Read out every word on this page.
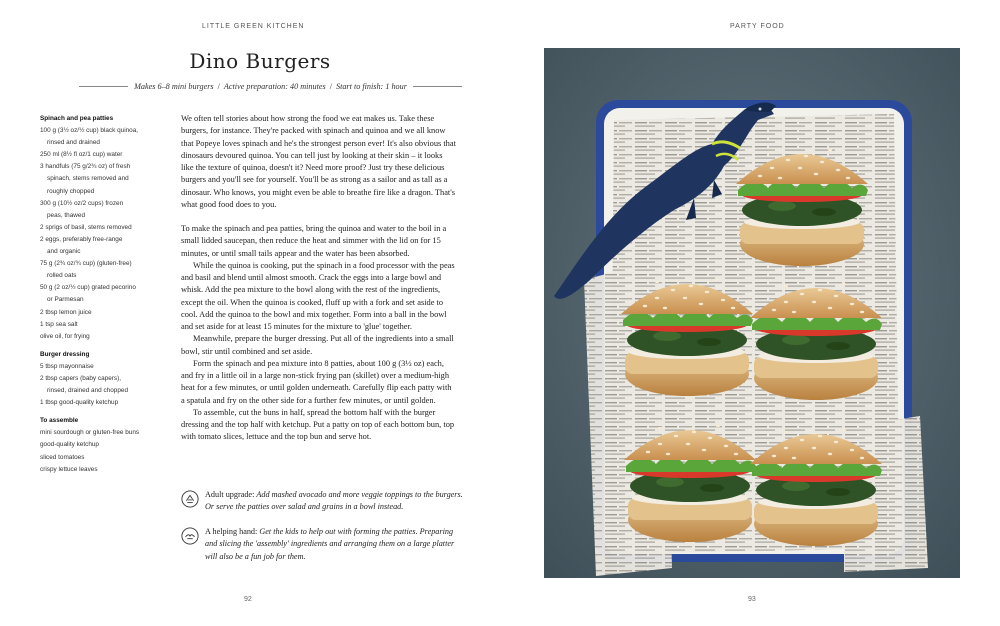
LITTLE GREEN KITCHEN	PARTY FOOD
Dino Burgers
Makes 6–8 mini burgers / Active preparation: 40 minutes / Start to finish: 1 hour
Spinach and pea patties
100 g (3½ oz/½ cup) black quinoa,
rinsed and drained
250 ml (8½ fl oz/1 cup) water
3 handfuls (75 g/2¾ oz) of fresh
spinach, stems removed and
roughly chopped
300 g (10½ oz/2 cups) frozen
peas, thawed
2 sprigs of basil, stems removed
2 eggs, preferably free-range
and organic
75 g (2¾ oz/¾ cup) (gluten-free)
rolled oats
50 g (2 oz/½ cup) grated pecorino
or Parmesan
2 tbsp lemon juice
1 tsp sea salt
olive oil, for frying
Burger dressing
5 tbsp mayonnaise
2 tbsp capers (baby capers),
rinsed, drained and chopped
1 tbsp good-quality ketchup
To assemble
mini sourdough or gluten-free buns
good-quality ketchup
sliced tomatoes
crispy lettuce leaves

We often tell stories about how strong the food we eat makes us. Take these burgers, for instance. They're packed with spinach and quinoa and we all know that Popeye loves spinach and he's the strongest person ever! It's also obvious that dinosaurs devoured quinoa. You can tell just by looking at their skin – it looks like the texture of quinoa, doesn't it? Need more proof? Just try these delicious burgers and you'll see for yourself. You'll be as strong as a sailor and as tall as a dinosaur. Who knows, you might even be able to breathe fire like a dragon. That's what good food does to you.

To make the spinach and pea patties, bring the quinoa and water to the boil in a small lidded saucepan, then reduce the heat and simmer with the lid on for 15 minutes, or until small tails appear and the water has been absorbed.

While the quinoa is cooking, put the spinach in a food processor with the peas and basil and blend until almost smooth. Crack the eggs into a large bowl and whisk. Add the pea mixture to the bowl along with the rest of the ingredients, except the oil. When the quinoa is cooked, fluff up with a fork and set aside to cool. Add the quinoa to the bowl and mix together. Form into a ball in the bowl and set aside for at least 15 minutes for the mixture to 'glue' together.

Meanwhile, prepare the burger dressing. Put all of the ingredients into a small bowl, stir until combined and set aside.

Form the spinach and pea mixture into 8 patties, about 100 g (3½ oz) each, and fry in a little oil in a large non-stick frying pan (skillet) over a medium-high heat for a few minutes, or until golden underneath. Carefully flip each patty with a spatula and fry on the other side for a further few minutes, or until golden.

To assemble, cut the buns in half, spread the bottom half with the burger dressing and the top half with ketchup. Put a patty on top of each bottom bun, top with tomato slices, lettuce and the top bun and serve hot.

Adult upgrade: Add mashed avocado and more veggie toppings to the burgers. Or serve the patties over salad and grains in a bowl instead.
A helping hand: Get the kids to help out with forming the patties. Preparing and slicing the 'assembly' ingredients and arranging them on a large platter will also be a fun job for them.
92	93
